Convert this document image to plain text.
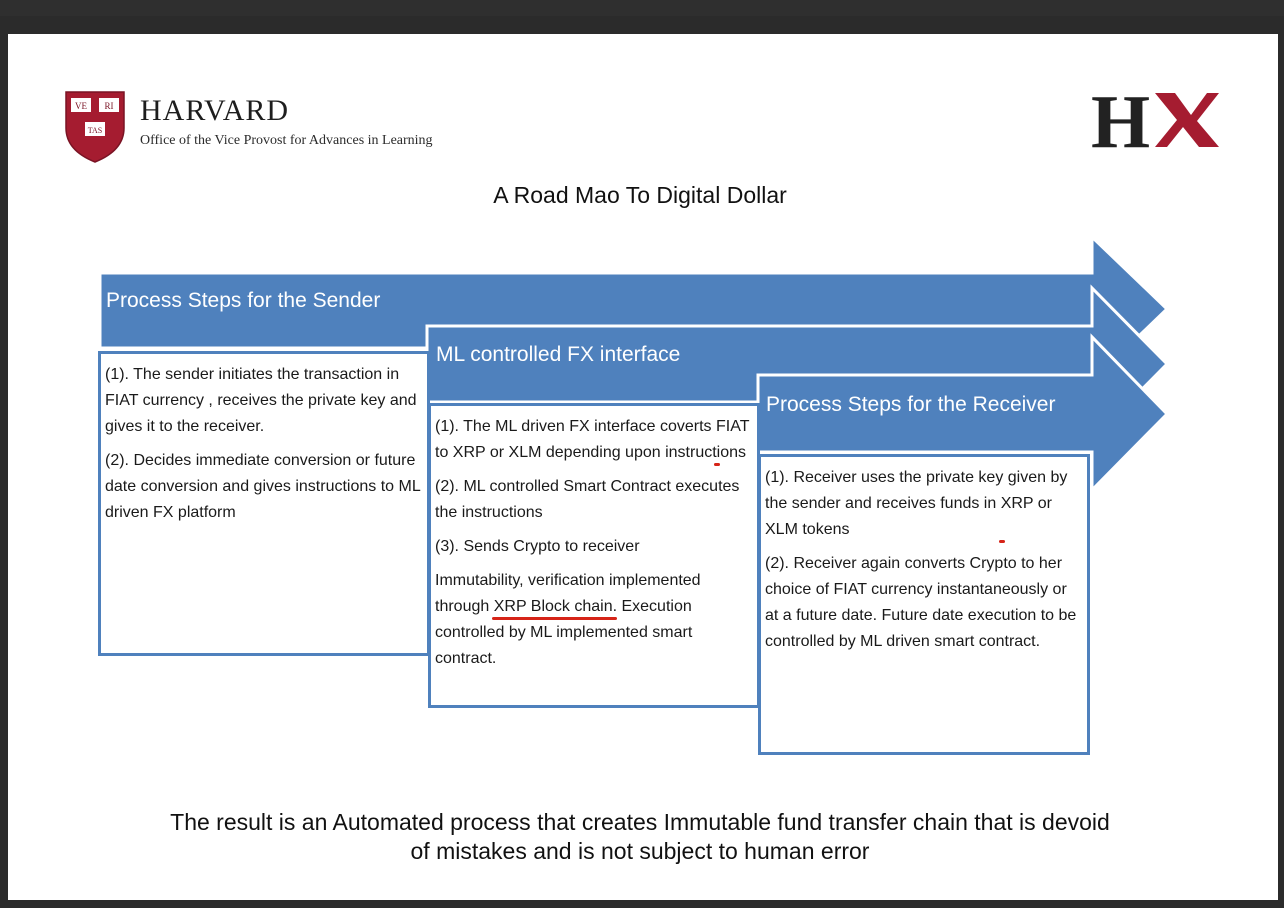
VE RI
TAS
HARVARD
Office of the Vice Provost for Advances in Learning	H
A Road Mao To Digital Dollar
Process Steps for the Sender
ML controlled FX interface
Process Steps for the Receiver

(1). The sender initiates the transaction in FIAT currency , receives the private key and gives it to the receiver.

(2). Decides immediate conversion or future date conversion and gives instructions to ML driven FX platform

(1). The ML driven FX interface coverts FIAT to XRP or XLM depending upon instructions

(2). ML controlled Smart Contract executes the instructions

(3). Sends Crypto to receiver

Immutability, verification implemented through XRP Block chain. Execution controlled by ML implemented smart contract.

(1). Receiver uses the private key given by the sender and receives funds in XRP or XLM tokens

(2). Receiver again converts Crypto to her choice of FIAT currency instantaneously or at a future date. Future date execution to be controlled by ML driven smart contract.

The result is an Automated process that creates Immutable fund transfer chain that is devoid
of mistakes and is not subject to human error
